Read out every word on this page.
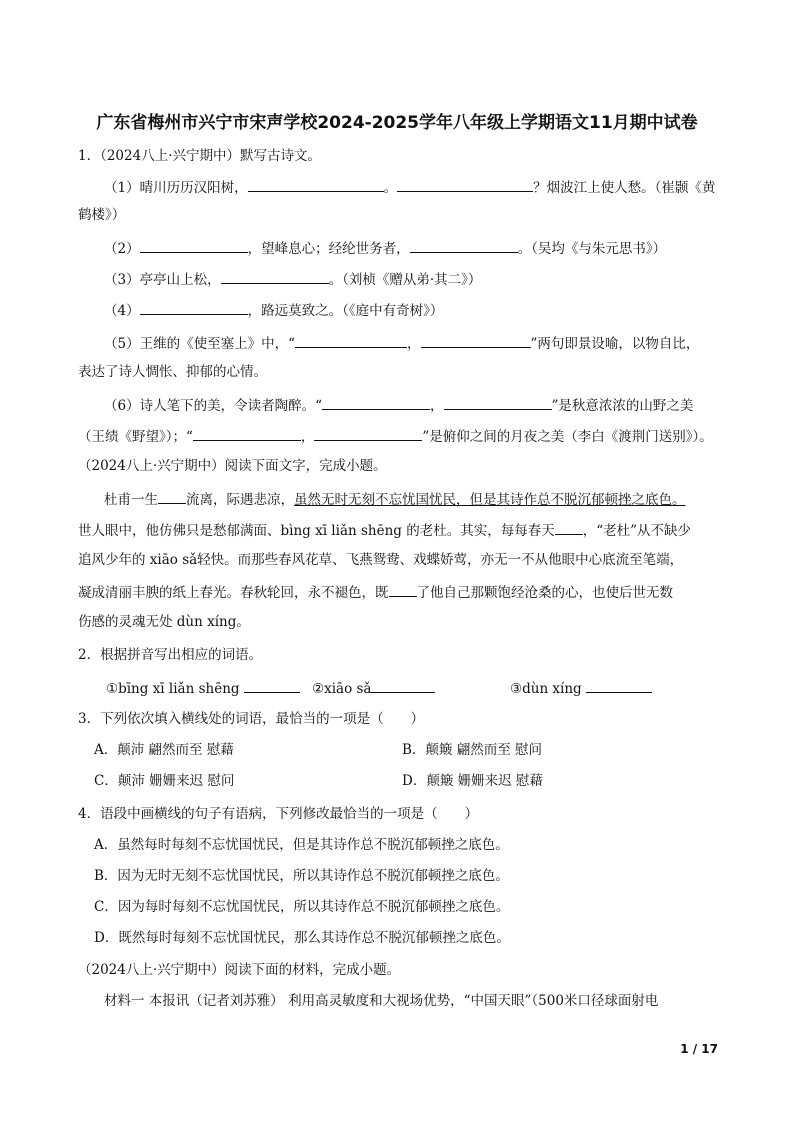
广东省梅州市兴宁市宋声学校2024-2025学年八年级上学期语文11月期中试卷
1．（2024八上·兴宁期中）默写古诗文。
（1）晴川历历汉阳树，	。	？烟波江上使人愁。（崔颢《黄
鹤楼》）
（2）	，望峰息心；经纶世务者，	。（吴均《与朱元思书》）
（3）亭亭山上松，	。（刘桢《赠从弟·其二》）
（4）	，路远莫致之。（《庭中有奇树》）
（5）王维的《使至塞上》中，“	，	”两句即景设喻，以物自比，
表达了诗人惆怅、抑郁的心情。
（6）诗人笔下的美，令读者陶醉。“	，	”是秋意浓浓的山野之美
（王绩《野望》）；“	，	”是俯仰之间的月夜之美（李白《渡荆门送别》）。
（2024八上·兴宁期中）阅读下面文字，完成小题。
杜甫一生 流离，际遇悲凉，虽然无时无刻不忘忧国忧民，但是其诗作总不脱沉郁顿挫之底色。
世人眼中，他仿佛只是愁郁满面、bìng xī liǎn shēng 的老杜。其实，每每春天 ，“老杜”从不缺少
追风少年的 xiāo sǎ轻快。而那些春风花草、飞燕鸳鸯、戏蝶娇莺，亦无一不从他眼中心底流至笔端，
凝成清丽丰腴的纸上春光。春秋轮回，永不褪色，既 了他自己那颗饱经沧桑的心，也使后世无数
伤感的灵魂无处 dùn xíng。
2．根据拼音写出相应的词语。
①bīng xī liǎn shēng	②xiāo sǎ	③dùn xíng
3．下列依次填入横线处的词语，最恰当的一项是（　　）
A．颠沛 翩然而至 慰藉	B．颠簸 翩然而至 慰问
C．颠沛 姗姗来迟 慰问	D．颠簸 姗姗来迟 慰藉
4．语段中画横线的句子有语病，下列修改最恰当的一项是（　　）
A．虽然每时每刻不忘忧国忧民，但是其诗作总不脱沉郁顿挫之底色。
B．因为无时无刻不忘忧国忧民，所以其诗作总不脱沉郁顿挫之底色。
C．因为每时每刻不忘忧国忧民，所以其诗作总不脱沉郁顿挫之底色。
D．既然每时每刻不忘忧国忧民，那么其诗作总不脱沉郁顿挫之底色。
（2024八上·兴宁期中）阅读下面的材料，完成小题。
材料一 本报讯（记者刘苏雅） 利用高灵敏度和大视场优势，“中国天眼”（500米口径球面射电
1 / 17
